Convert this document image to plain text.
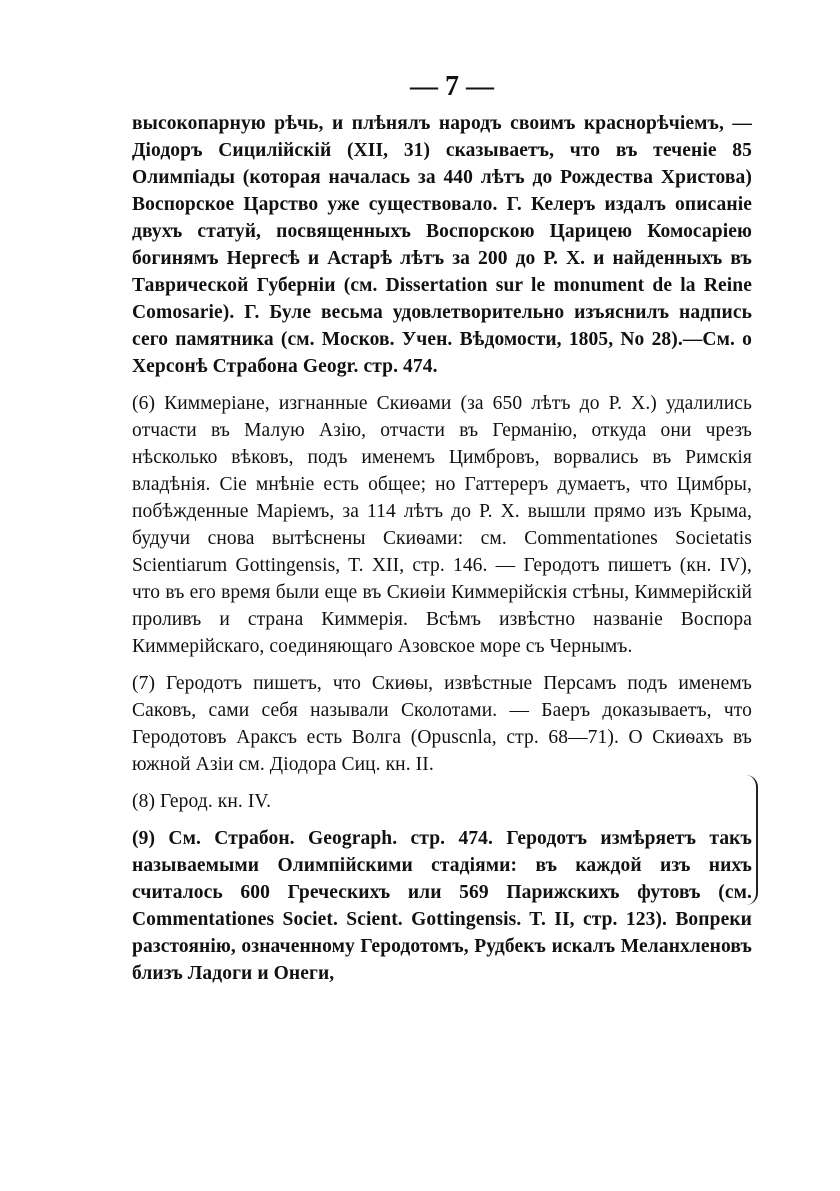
— 7 —

высокопарную рѣчь, и плѣнялъ народъ своимъ краснорѣчіемъ, — Діодоръ Сицилійскій (XII, 31) сказываетъ, что въ теченіе 85 Олимпіады (которая началась за 440 лѣтъ до Рождества Христова) Воспорское Царство уже существовало. Г. Келеръ издалъ описаніе двухъ статуй, посвященныхъ Воспорскою Царицею Комосаріею богинямъ Нергесѣ и Астарѣ лѣтъ за 200 до Р. Х. и найденныхъ въ Таврической Губерніи (см. Dissertation sur le monument de la Reine Comosarie). Г. Буле весьма удовлетворительно изъяснилъ надпись сего памятника (см. Москов. Учен. Вѣдомости, 1805, No 28).—См. о Херсонѣ Страбона Geogr. стр. 474.

(6) Киммеріане, изгнанные Скиѳами (за 650 лѣтъ до Р. Х.) удалились отчасти въ Малую Азію, отчасти въ Германію, откуда они чрезъ нѣсколько вѣковъ, подъ именемъ Цимбровъ, ворвались въ Римскія владѣнія. Сіе мнѣніе есть общее; но Гаттереръ думаетъ, что Цимбры, побѣжденные Маріемъ, за 114 лѣтъ до Р. Х. вышли прямо изъ Крыма, будучи снова вытѣснены Скиѳами: см. Commentationes Societatis Scientiarum Gottingensis, T. XII, стр. 146. — Геродотъ пишетъ (кн. IV), что въ его время были еще въ Скиѳіи Киммерійскія стѣны, Киммерійскій проливъ и страна Киммерія. Всѣмъ извѣстно названіе Воспора Киммерійскаго, соединяющаго Азовское море съ Чернымъ.

(7) Геродотъ пишетъ, что Скиѳы, извѣстные Персамъ подъ именемъ Саковъ, сами себя называли Сколотами. — Баеръ доказываетъ, что Геродотовъ Араксъ есть Волга (Opuscnla, стр. 68—71). О Скиѳахъ въ южной Азіи см. Діодора Сиц. кн. II.

(8) Герод. кн. IV.

(9) См. Страбон. Geograph. стр. 474. Геродотъ измѣряетъ такъ называемыми Олимпійскими стадіями: въ каждой изъ нихъ считалось 600 Греческихъ или 569 Парижскихъ футовъ (см. Commentationes Societ. Scient. Gottingensis. T. II, стр. 123). Вопреки разстоянію, означенному Геродотомъ, Рудбекъ искалъ Меланхленовъ близъ Ладоги и Онеги,
